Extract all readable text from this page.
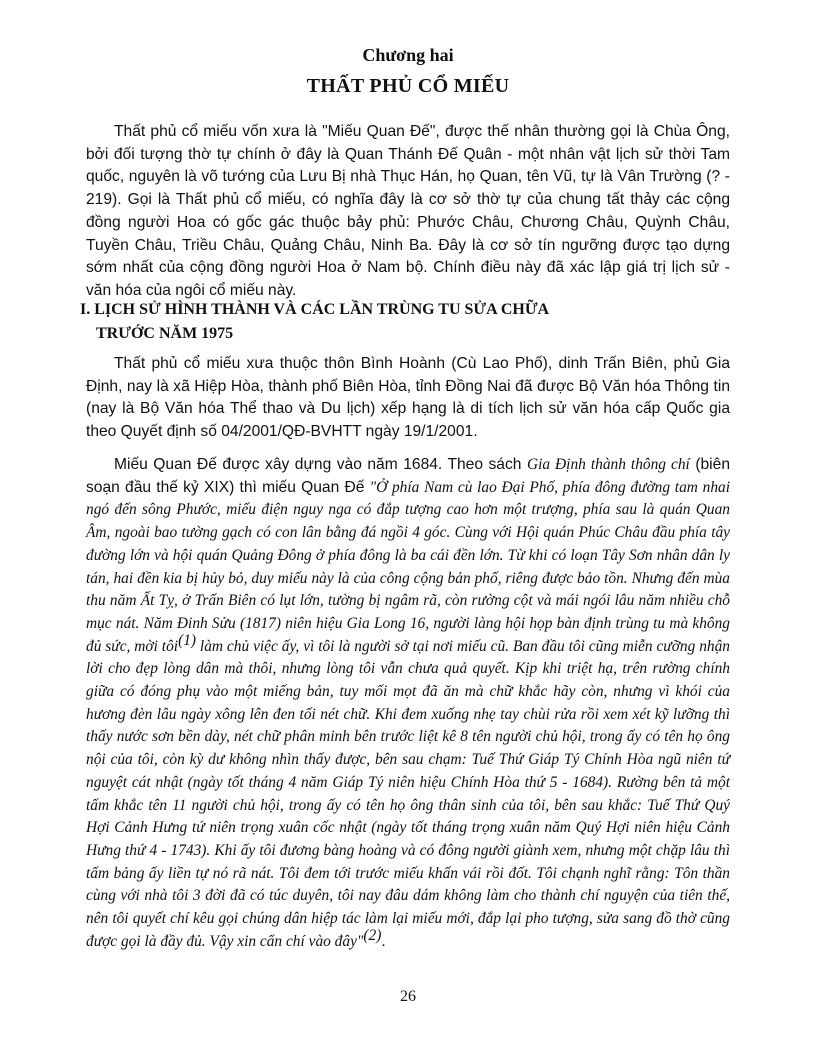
Chương hai

THẤT PHỦ CỔ MIẾU

Thất phủ cổ miếu vốn xưa là "Miếu Quan Đế", được thế nhân thường gọi là Chùa Ông, bởi đối tượng thờ tự chính ở đây là Quan Thánh Đế Quân - một nhân vật lịch sử thời Tam quốc, nguyên là võ tướng của Lưu Bị nhà Thục Hán, họ Quan, tên Vũ, tự là Vân Trường (? - 219). Gọi là Thất phủ cổ miếu, có nghĩa đây là cơ sở thờ tự của chung tất thảy các cộng đồng người Hoa có gốc gác thuộc bảy phủ: Phước Châu, Chương Châu, Quỳnh Châu, Tuyền Châu, Triều Châu, Quảng Châu, Ninh Ba. Đây là cơ sở tín ngưỡng được tạo dựng sớm nhất của cộng đồng người Hoa ở Nam bộ. Chính điều này đã xác lập giá trị lịch sử - văn hóa của ngôi cổ miếu này.

I. LỊCH SỬ HÌNH THÀNH VÀ CÁC LẦN TRÙNG TU SỬA CHỮA
TRƯỚC NĂM 1975

Thất phủ cổ miếu xưa thuộc thôn Bình Hoành (Cù Lao Phố), dinh Trấn Biên, phủ Gia Định, nay là xã Hiệp Hòa, thành phố Biên Hòa, tỉnh Đồng Nai đã được Bộ Văn hóa Thông tin (nay là Bộ Văn hóa Thể thao và Du lịch) xếp hạng là di tích lịch sử văn hóa cấp Quốc gia theo Quyết định số 04/2001/QĐ-BVHTT ngày 19/1/2001.

Miếu Quan Đế được xây dựng vào năm 1684. Theo sách Gia Định thành thông chí (biên soạn đầu thế kỷ XIX) thì miếu Quan Đế "Ở phía Nam cù lao Đại Phố, phía đông đường tam nhai ngó đến sông Phước, miếu điện nguy nga có đắp tượng cao hơn một trượng, phía sau là quán Quan Âm, ngoài bao tường gạch có con lân bằng đá ngồi 4 góc. Cùng với Hội quán Phúc Châu đầu phía tây đường lớn và hội quán Quảng Đông ở phía đông là ba cái đền lớn. Từ khi có loạn Tây Sơn nhân dân ly tán, hai đền kia bị hủy bỏ, duy miếu này là của công cộng bản phố, riêng được bảo tồn. Nhưng đến mùa thu năm Ất Tỵ, ở Trấn Biên có lụt lớn, tường bị ngâm rã, còn rường cột và mái ngói lâu năm nhiều chỗ mục nát. Năm Đinh Sửu (1817) niên hiệu Gia Long 16, người làng hội họp bàn định trùng tu mà không đủ sức, mời tôi$^{(1)}$ làm chủ việc ấy, vì tôi là người sở tại nơi miếu cũ. Ban đầu tôi cũng miễn cưỡng nhận lời cho đẹp lòng dân mà thôi, nhưng lòng tôi vẫn chưa quả quyết. Kịp khi triệt hạ, trên rường chính giữa có đóng phụ vào một miếng bản, tuy mối mọt đã ăn mà chữ khắc hãy còn, nhưng vì khói của hương đèn lâu ngày xông lên đen tối nét chữ. Khi đem xuống nhẹ tay chùi rửa rồi xem xét kỹ lưỡng thì thấy nước sơn bền dày, nét chữ phân minh bên trước liệt kê 8 tên người chủ hội, trong ấy có tên họ ông nội của tôi, còn kỳ dư không nhìn thấy được, bên sau chạm: Tuế Thứ Giáp Tý Chính Hòa ngũ niên tứ nguyệt cát nhật (ngày tốt tháng 4 năm Giáp Tý niên hiệu Chính Hòa thứ 5 - 1684). Rường bên tả một tấm khắc tên 11 người chủ hội, trong ấy có tên họ ông thân sinh của tôi, bên sau khắc: Tuế Thứ Quý Hợi Cảnh Hưng tứ niên trọng xuân cốc nhật (ngày tốt tháng trọng xuân năm Quý Hợi niên hiệu Cảnh Hưng thứ 4 - 1743). Khi ấy tôi đương bàng hoàng và có đông người giành xem, nhưng một chặp lâu thì tấm bảng ấy liền tự nó rã nát. Tôi đem tới trước miếu khấn vái rồi đốt. Tôi chạnh nghĩ rằng: Tôn thần cùng với nhà tôi 3 đời đã có túc duyên, tôi nay đâu dám không làm cho thành chí nguyện của tiên thế, nên tôi quyết chí kêu gọi chúng dân hiệp tác làm lại miếu mới, đắp lại pho tượng, sửa sang đồ thờ cũng được gọi là đầy đủ. Vậy xin cẩn chí vào đây"$^{(2)}$.

26
